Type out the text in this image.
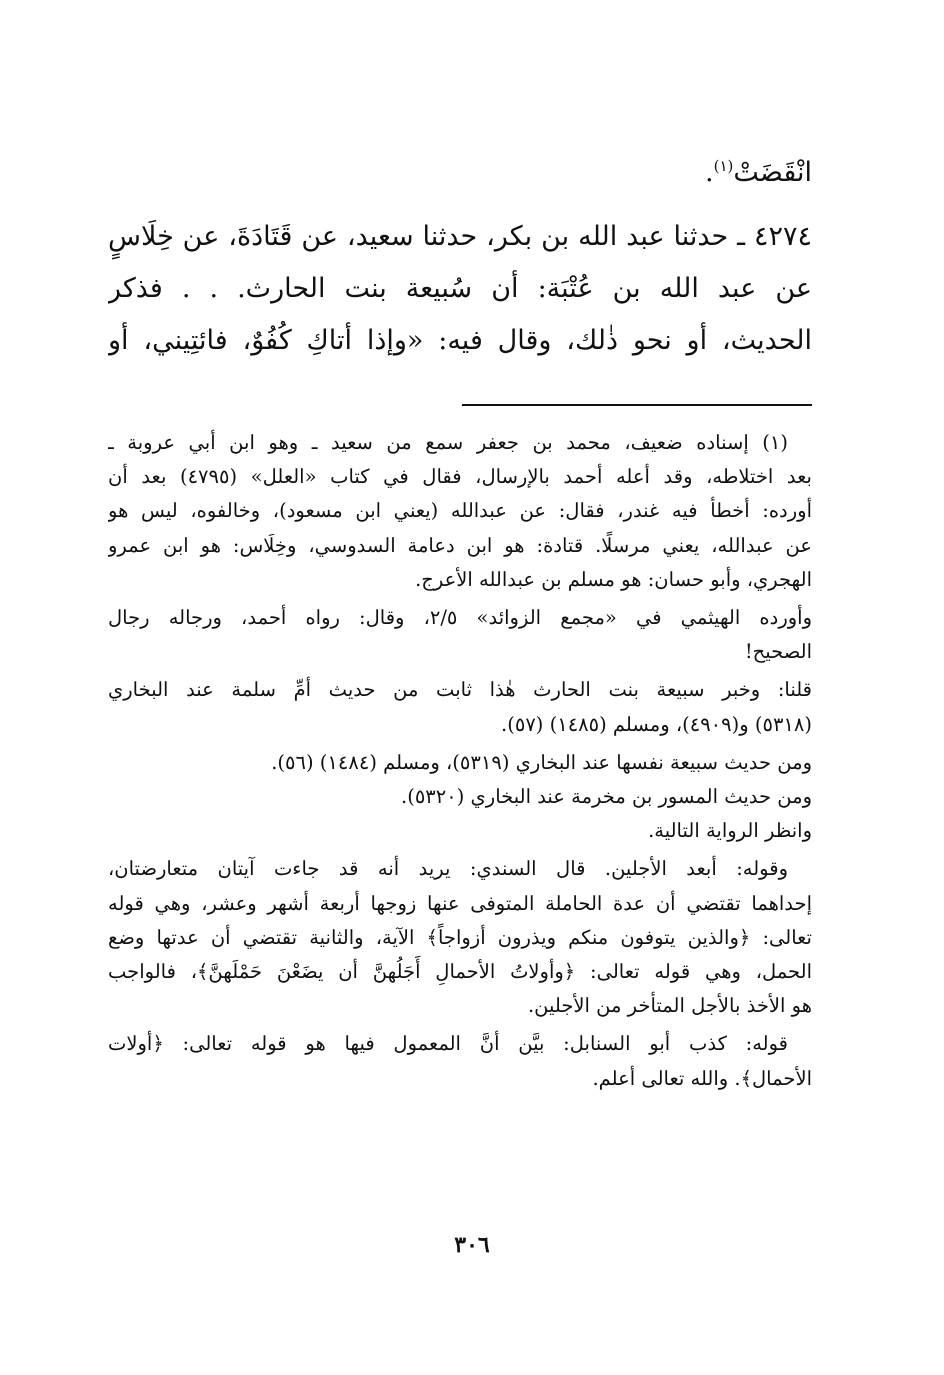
انْقَضَتْ$^{(١)}$.
٤٢٧٤ ـ حدثنا عبد الله بن بكر، حدثنا سعيد، عن قَتَادَةَ، عن خِلَاسٍ
عن عبد الله بن عُتْبَة: أن سُبيعة بنت الحارث. . . فذكر
الحديث، أو نحو ذٰلك، وقال فيه: «وإذا أتاكِ كُفُوٌ، فائتِيني، أو
(١) إسناده ضعيف، محمد بن جعفر سمع من سعيد ـ وهو ابن أبي عروبة ـ
بعد اختلاطه، وقد أعله أحمد بالإرسال، فقال في كتاب «العلل» (٤٧٩٥) بعد أن
أورده: أخطأ فيه غندر، فقال: عن عبدالله (يعني ابن مسعود)، وخالفوه، ليس هو
عن عبدالله، يعني مرسلًا. قتادة: هو ابن دعامة السدوسي، وخِلَاس: هو ابن عمرو
الهجري، وأبو حسان: هو مسلم بن عبدالله الأعرج.
وأورده الهيثمي في «مجمع الزوائد» ٢/٥، وقال: رواه أحمد، ورجاله رجال
الصحيح!
قلنا: وخبر سبيعة بنت الحارث هٰذا ثابت من حديث أمِّ سلمة عند البخاري
(٥٣١٨) و(٤٩٠٩)، ومسلم (١٤٨٥) (٥٧).
ومن حديث سبيعة نفسها عند البخاري (٥٣١٩)، ومسلم (١٤٨٤) (٥٦).
ومن حديث المسور بن مخرمة عند البخاري (٥٣٢٠).
وانظر الرواية التالية.
وقوله: أبعد الأجلين. قال السندي: يريد أنه قد جاءت آيتان متعارضتان،
إحداهما تقتضي أن عدة الحاملة المتوفى عنها زوجها أربعة أشهر وعشر، وهي قوله
تعالى: ﴿والذين يتوفون منكم ويذرون أزواجاً﴾ الآية، والثانية تقتضي أن عدتها وضع
الحمل، وهي قوله تعالى: ﴿وأولاتُ الأحمالِ أَجَلُهنَّ أن يضَعْنَ حَمْلَهنَّ﴾، فالواجب
هو الأخذ بالأجل المتأخر من الأجلين.
قوله: كذب أبو السنابل: بيَّن أنَّ المعمول فيها هو قوله تعالى: ﴿أولات
الأحمال﴾. والله تعالى أعلم.
٣٠٦
